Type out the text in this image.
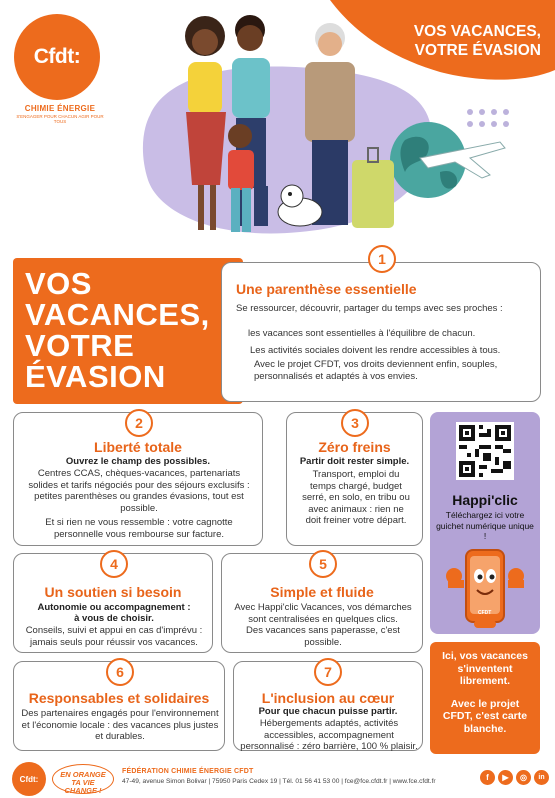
Cfdt:
CHIMIE ÉNERGIE
S'ENGAGER POUR CHACUN AGIR POUR TOUS
VOS VACANCES,
VOTRE ÉVASION
VOS
VACANCES,
VOTRE
ÉVASION
1
Une parenthèse essentielle
Se ressourcer, découvrir, partager du temps avec ses proches :
les vacances sont essentielles à l'équilibre de chacun.
Les activités sociales doivent les rendre accessibles à tous.
Avec le projet CFDT, vos droits deviennent enfin, souples, personnalisés et adaptés à vos envies.
2
Liberté totale
Ouvrez le champ des possibles.
Centres CCAS, chèques-vacances, partenariats solides et tarifs négociés pour des séjours exclusifs : petites parenthèses ou grandes évasions, tout est possible.
Et si rien ne vous ressemble : votre cagnotte personnelle vous rembourse sur facture.
3
Zéro freins
Partir doit rester simple.
Transport, emploi du temps chargé, budget serré, en solo, en tribu ou avec animaux : rien ne doit freiner votre départ.
4
Un soutien si besoin
Autonomie ou accompagnement : à vous de choisir.
Conseils, suivi et appui en cas d'imprévu : jamais seuls pour réussir vos vacances.
5
Simple et fluide
Avec Happi'clic Vacances, vos démarches sont centralisées en quelques clics.
Des vacances sans paperasse, c'est possible.
6
Responsables et solidaires
Des partenaires engagés pour l'environnement et l'économie locale : des vacances plus justes et durables.
7
L'inclusion au cœur
Pour que chacun puisse partir.
Hébergements adaptés, activités accessibles, accompagnement personnalisé : zéro barrière, 100 % plaisir.
Happi'clic
Téléchargez ici votre guichet numérique unique !
CFDT
Ici, vos vacances s'inventent librement.
Avec le projet CFDT, c'est carte blanche.
Cfdt:	EN ORANGE
TA VIE
CHANGE !
FÉDÉRATION CHIMIE ÉNERGIE CFDT
47-49, avenue Simon Bolivar | 75950 Paris Cedex 19 | Tél. 01 56 41 53 00 | fce@fce.cfdt.fr | www.fce.cfdt.fr	f	▶	◎	in
